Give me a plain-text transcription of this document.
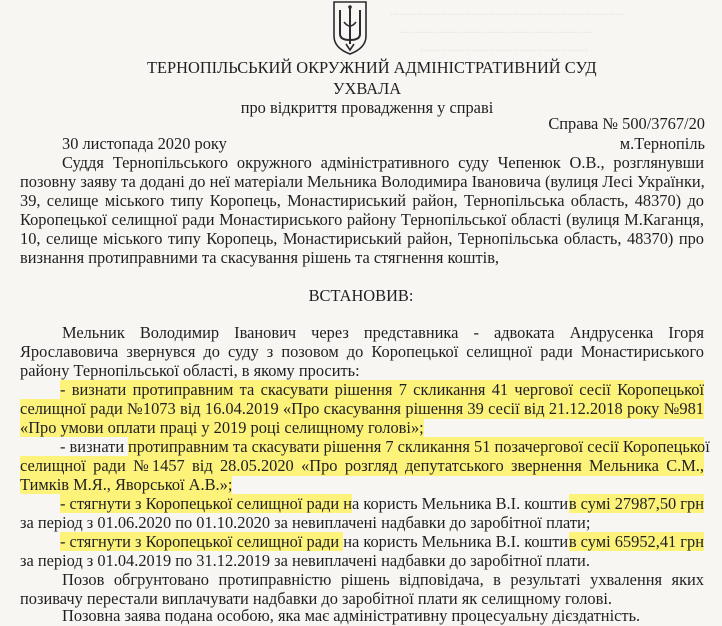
..............................................................................
................................................................
........................................................
ТЕРНОПІЛЬСЬКИЙ ОКРУЖНИЙ АДМІНІСТРАТИВНИЙ СУД
УХВАЛА
про відкриття провадження у справі
Справа № 500/3767/20
30 листопада 2020 року	м.Тернопіль
Суддя Тернопільського окружного адміністративного суду Чепенюк О.В., розглянувши
позовну заяву та додані до неї матеріали Мельника Володимира Івановича (вулиця Лесі Українки,
39, селище міського типу Коропець, Монастириський район, Тернопільська область, 48370) до
Коропецької селищної ради Монастириського району Тернопільської області (вулиця М.Каганця,
10, селище міського типу Коропець, Монастириський район, Тернопільська область, 48370) про
визнання протиправними та скасування рішень та стягнення коштів,
ВСТАНОВИВ:
Мельник Володимир Іванович через представника - адвоката Андрусенка Ігоря
Ярославовича звернувся до суду з позовом до Коропецької селищної ради Монастириського
району Тернопільської області, в якому просить:
- визнати протиправним та скасувати рішення 7 скликання 41 чергової сесії Коропецької
селищної ради №1073 від 16.04.2019 «Про скасування рішення 39 сесії від 21.12.2018 року №981
«Про умови оплати праці у 2019 році селищному голові»;
- визнати протиправним та скасувати рішення 7 скликання 51 позачергової сесії Коропецької
селищної ради №1457 від 28.05.2020 «Про розгляд депутатського звернення Мельника С.М.,
Тимків М.Я., Яворської А.В.»;
- стягнути з Коропецької селищної ради на користь Мельника В.І. кошти в сумі 27987,50 грн
за період з 01.06.2020 по 01.10.2020 за невиплачені надбавки до заробітної плати;
- стягнути з Коропецької селищної ради на користь Мельника В.І. кошти в сумі 65952,41 грн
за період з 01.04.2019 по 31.12.2019 за невиплачені надбавки до заробітної плати.
Позов обгрунтовано протиправністю рішень відповідача, в результаті ухвалення яких
позивачу перестали виплачувати надбавки до заробітної плати як селищному голові.
Позовна заява подана особою, яка має адміністративну процесуальну дієздатність.
